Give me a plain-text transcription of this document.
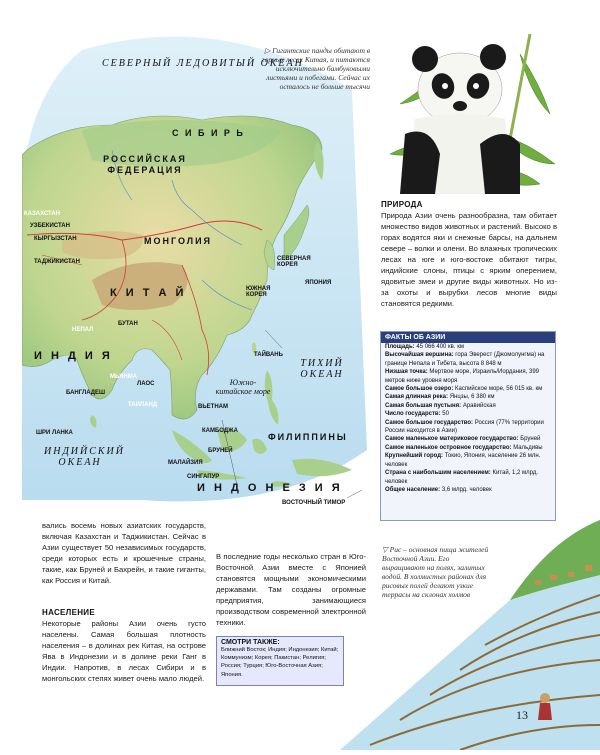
СЕВЕРНЫЙ ЛЕДОВИТЫЙ ОКЕАН
С И Б И Р Ь
РОССИЙСКАЯ ФЕДЕРАЦИЯ
КАЗАХСТАН
УЗБЕКИСТАН
КЫРГЫЗСТАН
ТАДЖИКИСТАН
МОНГОЛИЯ
СЕВЕРНАЯ КОРЕЯ
ЮЖНАЯ КОРЕЯ
ЯПОНИЯ
К И Т А Й
НЕПАЛ
БУТАН
И Н Д И Я
БАНГЛАДЕШ
МЬЯНМА
ЛАОС
ТАИЛАНД	ВЬЕТНАМ
КАМБОДЖА
ТАЙВАНЬ
ФИЛИППИНЫ
ШРИ ЛАНКА
ИНДИЙСКИЙ ОКЕАН
ТИХИЙ ОКЕАН
Южно-китайское море
БРУНЕЙ
МАЛАЙЗИЯ
СИНГАПУР
И Н Д О Н Е З И Я
ВОСТОЧНЫЙ ТИМОР
▷ Гигантские панды обитают в горных лесах Китая, и питаются исключительно бамбуковыми листьями и побегами. Сейчас их осталось не больше тысячи
ПРИРОДА
Природа Азии очень разнообразна, там обитает множество видов животных и растений. Высоко в горах водятся яки и снежные барсы, на дальнем севере – волки и олени. Во влажных тропических лесах на юге и юго-востоке обитают тигры, индийские слоны, птицы с ярким оперением, ядовитые змеи и другие виды животных. Но из-за охоты и вырубки лесов многие виды становятся редкими.
ФАКТЫ ОБ АЗИИ
Площадь: 45 066 400 кв. км
Высочайшая вершина: гора Эверест (Джомолунгма) на границе Непала и Тибета, высота 8 848 м
Низшая точка: Мертвое море, Израиль/Иордания, 399 метров ниже уровня моря
Самое большое озеро: Каспийское море, 56 015 кв. км
Самая длинная река: Янцзы, 6 380 км
Самая большая пустыня: Аравийская
Число государств: 50
Самое большое государство: Россия (77% территории России находится в Азии)
Самое маленькое материковое государство: Бруней
Самое маленькое островное государство: Мальдивы
Крупнейший город: Токио, Япония, население 26 млн. человек
Страна с наибольшим населением: Китай, 1,2 млрд. человек
Общее население: 3,6 млрд. человек
вались восемь новых азиатских государств, включая Казахстан и Таджикистан. Сейчас в Азии существует 50 независимых государств, среди которых есть и крошечные страны, такие, как Бруней и Бахрейн, и такие гиганты, как Россия и Китай.
НАСЕЛЕНИЕ
Некоторые районы Азии очень густо населены. Самая большая плотность населения – в долинах рек Китая, на острове Ява в Индонезии и в долине реки Ганг в Индии. Напротив, в лесах Сибири и в монгольских степях живет очень мало людей.
В последние годы несколько стран в Юго-Восточной Азии вместе с Японией становятся мощными экономическими державами. Там созданы огромные предприятия, занимающиеся производством современной электронной техники.
СМОТРИ ТАКЖЕ:
Ближний Восток; Индия; Индонезия; Китай; Коммунизм; Корея; Пакистан; Религия; Россия; Турция; Юго-Восточная Азия; Япония.
▽ Рис – основная пища жителей Восточной Азии. Его выращивают на полях, залитых водой. В холмистых районах для рисовых полей делают узкие террасы на склонах холмов
13
